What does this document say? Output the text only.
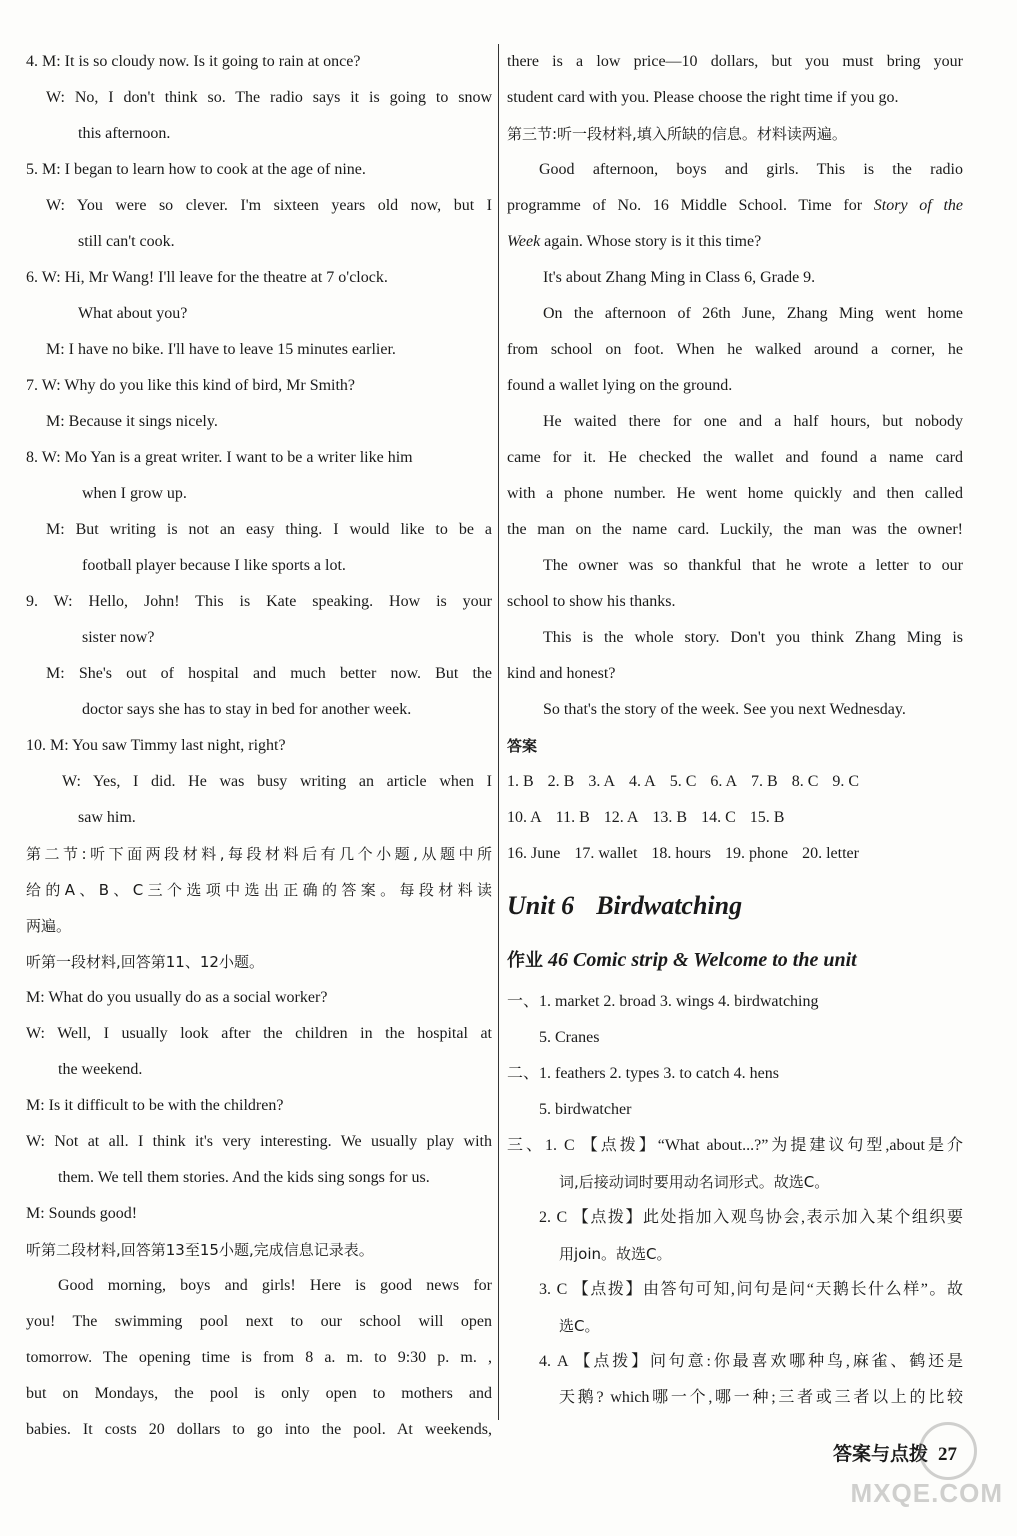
4. M: It is so cloudy now. Is it going to rain at once?
W: No, I don't think so. The radio says it is going to snow
this afternoon.
5. M: I began to learn how to cook at the age of nine.
W: You were so clever. I'm sixteen years old now, but I
still can't cook.
6. W: Hi, Mr Wang! I'll leave for the theatre at 7 o'clock.
What about you?
M: I have no bike. I'll have to leave 15 minutes earlier.
7. W: Why do you like this kind of bird, Mr Smith?
M: Because it sings nicely.
8. W: Mo Yan is a great writer. I want to be a writer like him
when I grow up.
M: But writing is not an easy thing. I would like to be a
football player because I like sports a lot.
9. W: Hello, John! This is Kate speaking. How is your
sister now?
M: She's out of hospital and much better now. But the
doctor says she has to stay in bed for another week.
10. M: You saw Timmy last night, right?
W: Yes, I did. He was busy writing an article when I
saw him.
第二节:听下面两段材料,每段材料后有几个小题,从题中所
给的A、B、C三个选项中选出正确的答案。每段材料读
两遍。
听第一段材料,回答第11、12小题。
M: What do you usually do as a social worker?
W: Well, I usually look after the children in the hospital at
the weekend.
M: Is it difficult to be with the children?
W: Not at all. I think it's very interesting. We usually play with
them. We tell them stories. And the kids sing songs for us.
M: Sounds good!
听第二段材料,回答第13至15小题,完成信息记录表。
Good morning, boys and girls! Here is good news for
you! The swimming pool next to our school will open
tomorrow. The opening time is from 8 a. m. to 9:30 p. m. ,
but on Mondays, the pool is only open to mothers and
babies. It costs 20 dollars to go into the pool. At weekends,
there is a low price—10 dollars, but you must bring your
student card with you. Please choose the right time if you go.
第三节:听一段材料,填入所缺的信息。材料读两遍。
Good afternoon, boys and girls. This is the radio
programme of No. 16 Middle School. Time for Story of the
Week again. Whose story is it this time?
It's about Zhang Ming in Class 6, Grade 9.
On the afternoon of 26th June, Zhang Ming went home
from school on foot. When he walked around a corner, he
found a wallet lying on the ground.
He waited there for one and a half hours, but nobody
came for it. He checked the wallet and found a name card
with a phone number. He went home quickly and then called
the man on the name card. Luckily, the man was the owner!
The owner was so thankful that he wrote a letter to our
school to show his thanks.
This is the whole story. Don't you think Zhang Ming is
kind and honest?
So that's the story of the week. See you next Wednesday.
答案
1. B 2. B 3. A 4. A 5. C 6. A 7. B 8. C 9. C
10. A 11. B 12. A 13. B 14. C 15. B
16. June 17. wallet 18. hours 19. phone 20. letter
Unit 6 Birdwatching
作业 46 Comic strip & Welcome to the unit
一、1. market 2. broad 3. wings 4. birdwatching
5. Cranes
二、1. feathers 2. types 3. to catch 4. hens
5. birdwatcher
三、1. C 【点拨】“What about...?”为提建议句型,about是介
词,后接动词时要用动名词形式。故选C。
2. C 【点拨】此处指加入观鸟协会,表示加入某个组织要
用join。故选C。
3. C 【点拨】由答句可知,问句是问“天鹅长什么样”。故
选C。
4. A 【点拨】问句意:你最喜欢哪种鸟,麻雀、鹤还是
天鹅? which哪一个,哪一种;三者或三者以上的比较
答案与点拨 27
MXQE.COM
